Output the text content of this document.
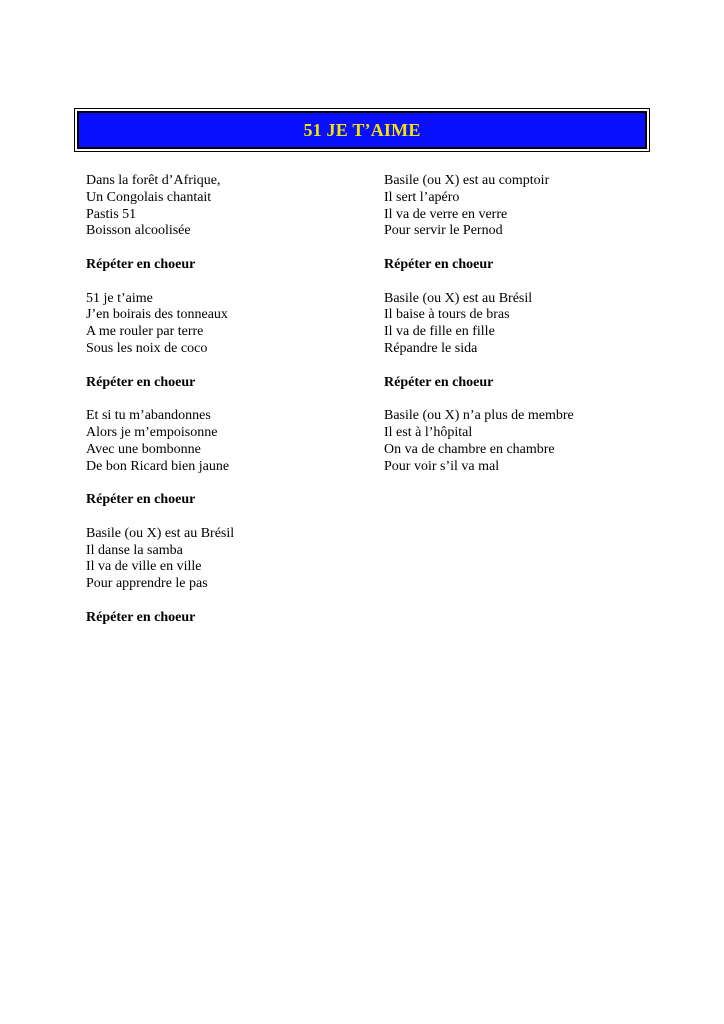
51 JE T’AIME
Dans la forêt d’Afrique,
Un Congolais chantait
Pastis 51
Boisson alcoolisée
Répéter en choeur
51 je t’aime
J’en boirais des tonneaux
A me rouler par terre
Sous les noix de coco
Répéter en choeur
Et si tu m’abandonnes
Alors je m’empoisonne
Avec une bombonne
De bon Ricard bien jaune
Répéter en choeur
Basile (ou X) est au Brésil
Il danse la samba
Il va de ville en ville
Pour apprendre le pas
Répéter en choeur
Basile (ou X) est au comptoir
Il sert l’apéro
Il va de verre en verre
Pour servir le Pernod
Répéter en choeur
Basile (ou X) est au Brésil
Il baise à tours de bras
Il va de fille en fille
Répandre le sida
Répéter en choeur
Basile (ou X) n’a plus de membre
Il est à l’hôpital
On va de chambre en chambre
Pour voir s’il va mal
